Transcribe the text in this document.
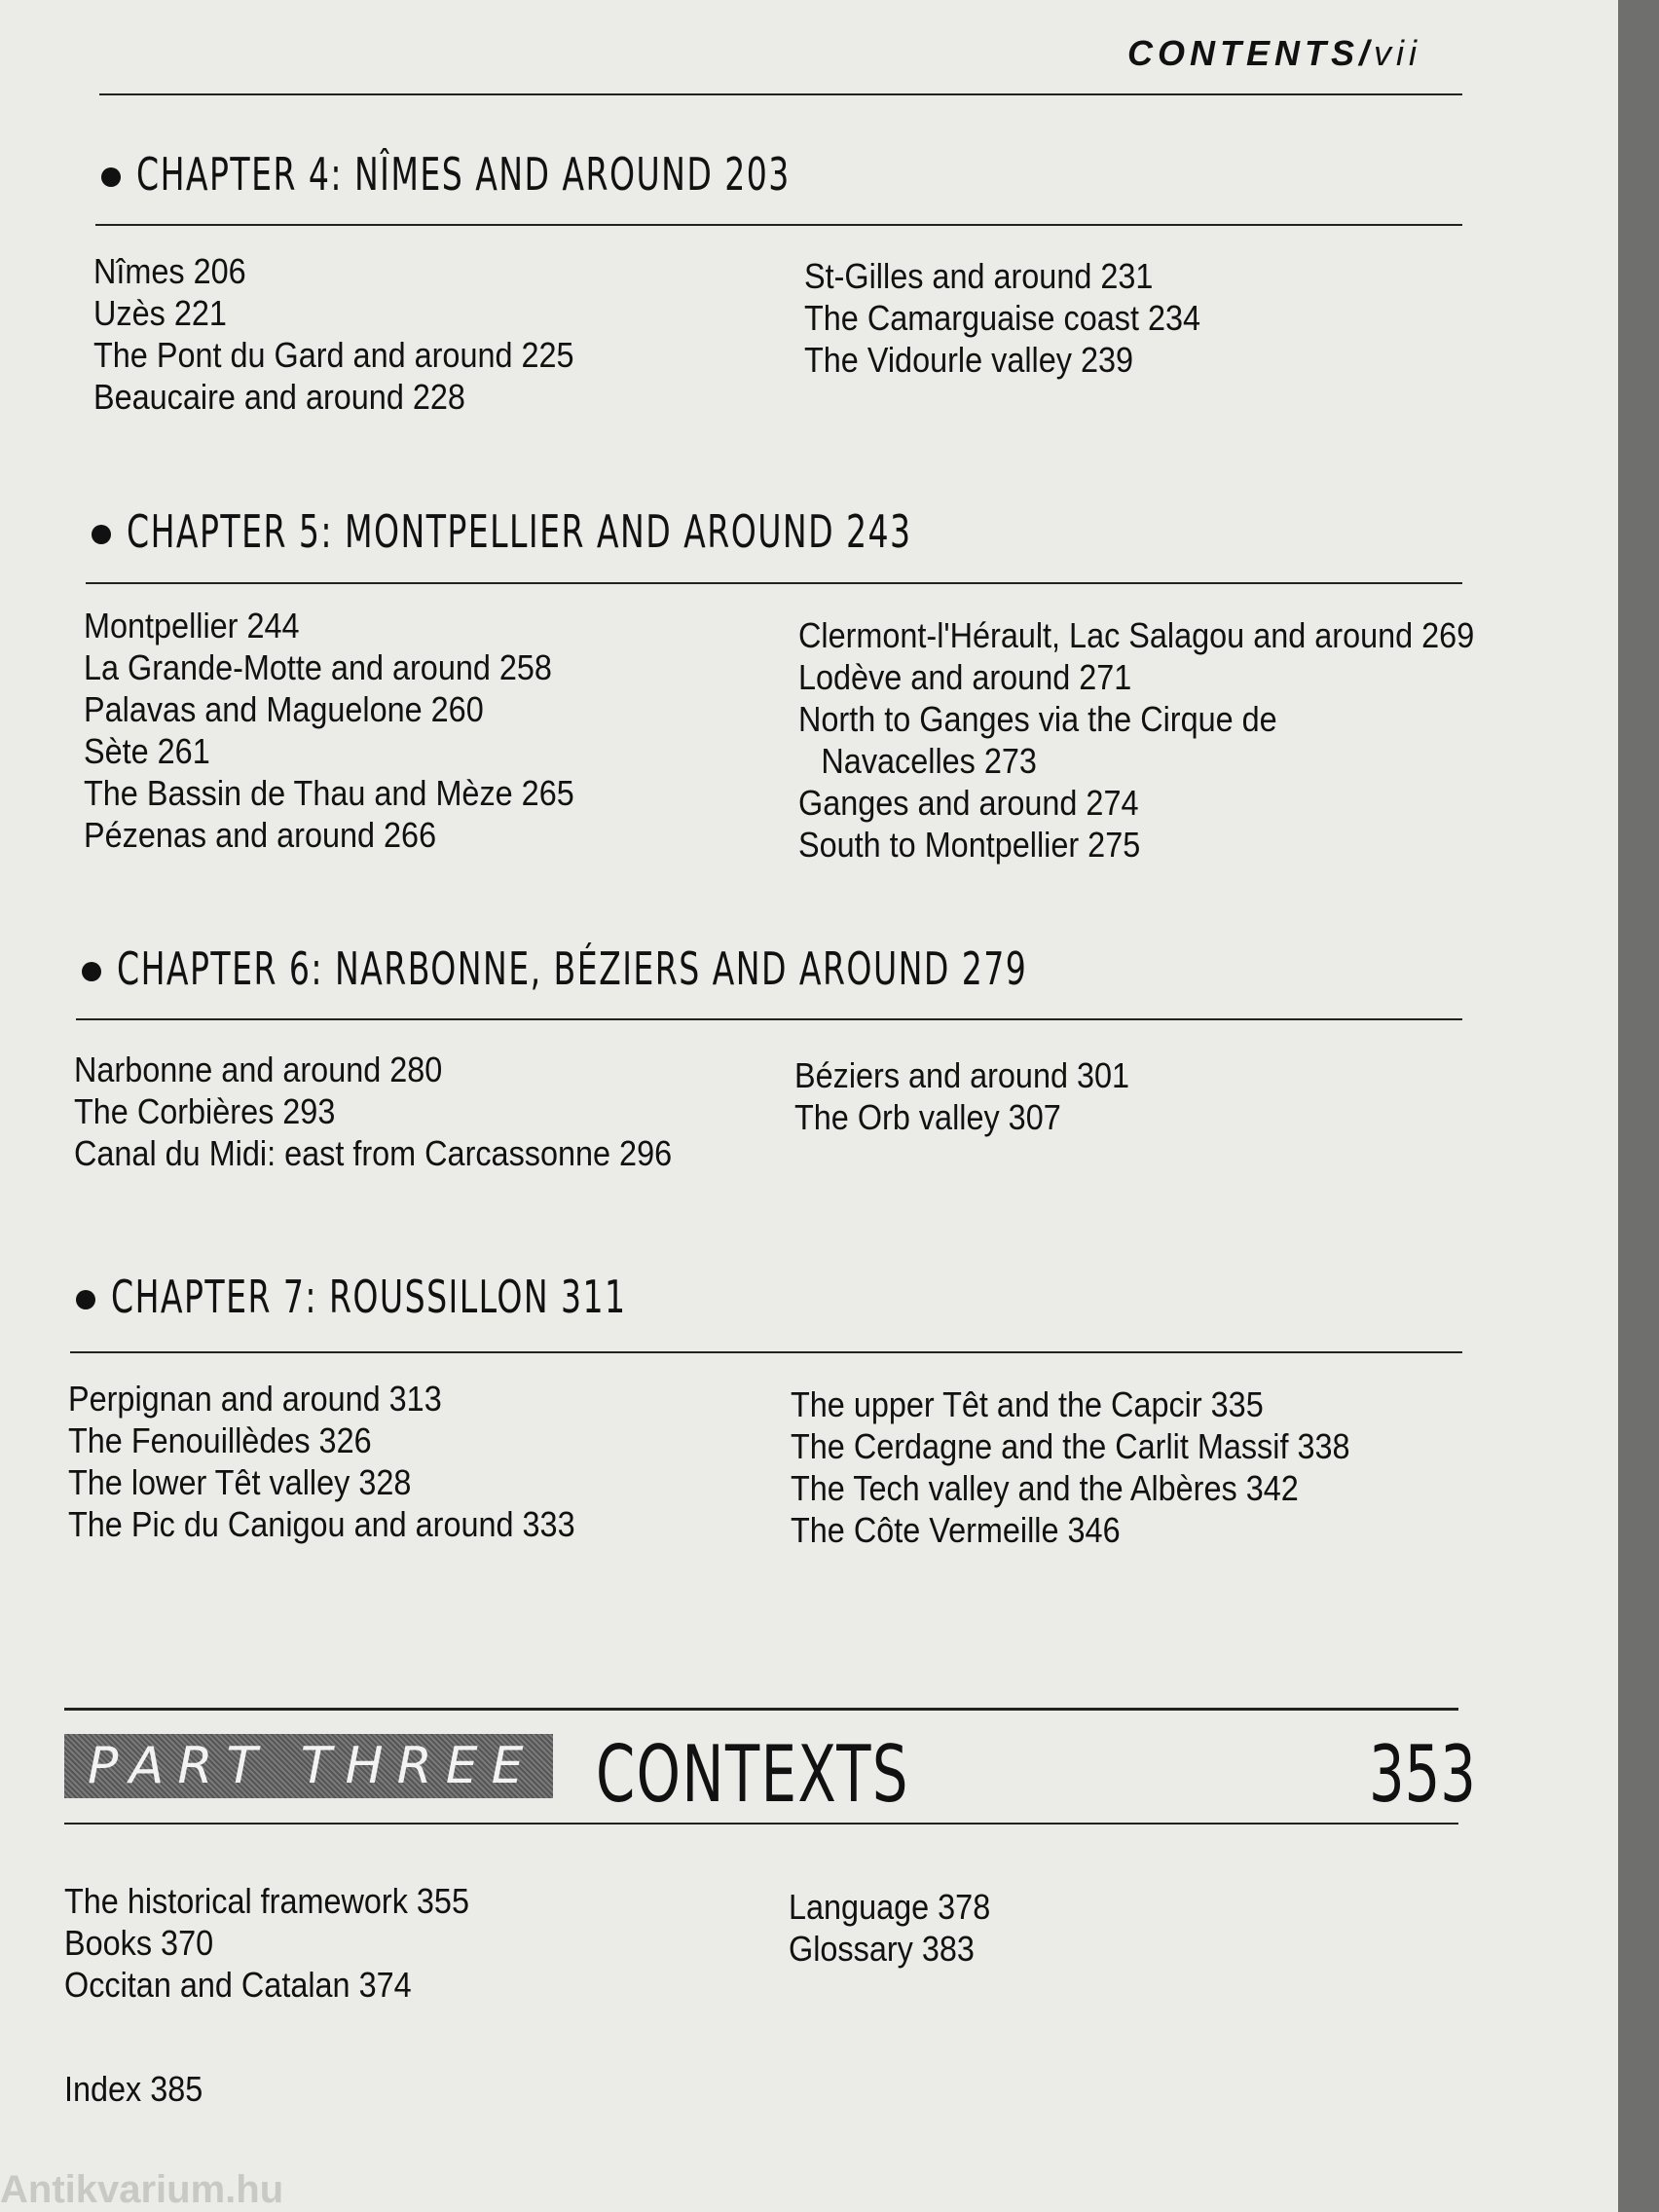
CONTENTS/vii
CHAPTER 4: NÎMES AND AROUND 203
Nîmes 206
Uzès 221
The Pont du Gard and around 225
Beaucaire and around 228
St-Gilles and around 231
The Camarguaise coast 234
The Vidourle valley 239
CHAPTER 5: MONTPELLIER AND AROUND 243
Montpellier 244
La Grande-Motte and around 258
Palavas and Maguelone 260
Sète 261
The Bassin de Thau and Mèze 265
Pézenas and around 266
Clermont-l'Hérault, Lac Salagou and around 269
Lodève and around 271
North to Ganges via the Cirque de
Navacelles 273
Ganges and around 274
South to Montpellier 275
CHAPTER 6: NARBONNE, BÉZIERS AND AROUND 279
Narbonne and around 280
The Corbières 293
Canal du Midi: east from Carcassonne 296
Béziers and around 301
The Orb valley 307
CHAPTER 7: ROUSSILLON 311
Perpignan and around 313
The Fenouillèdes 326
The lower Têt valley 328
The Pic du Canigou and around 333
The upper Têt and the Capcir 335
The Cerdagne and the Carlit Massif 338
The Tech valley and the Albères 342
The Côte Vermeille 346
PART THREE CONTEXTS	353
The historical framework 355
Books 370
Occitan and Catalan 374
Language 378
Glossary 383
Index 385
Antikvarium.hu
